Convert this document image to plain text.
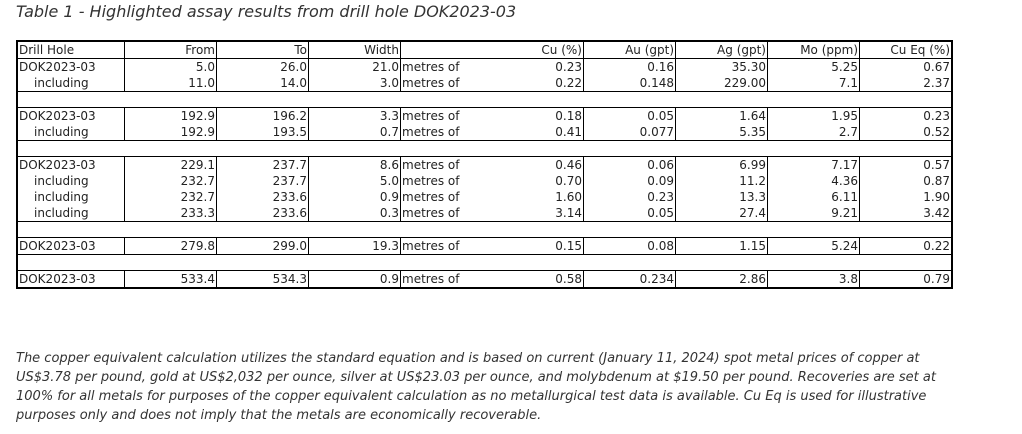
Table 1 - Highlighted assay results from drill hole DOK2023-03
Drill Hole	From	To	Width		Cu (%)	Au (gpt)	Ag (gpt)	Mo (ppm)	Cu Eq (%)
DOK2023-03	5.0	26.0	21.0	metres of	0.23	0.16	35.30	5.25	0.67
including	11.0	14.0	3.0	metres of	0.22	0.148	229.00	7.1	2.37

DOK2023-03	192.9	196.2	3.3	metres of	0.18	0.05	1.64	1.95	0.23
including	192.9	193.5	0.7	metres of	0.41	0.077	5.35	2.7	0.52

DOK2023-03	229.1	237.7	8.6	metres of	0.46	0.06	6.99	7.17	0.57
including	232.7	237.7	5.0	metres of	0.70	0.09	11.2	4.36	0.87
including	232.7	233.6	0.9	metres of	1.60	0.23	13.3	6.11	1.90
including	233.3	233.6	0.3	metres of	3.14	0.05	27.4	9.21	3.42

DOK2023-03	279.8	299.0	19.3	metres of	0.15	0.08	1.15	5.24	0.22

DOK2023-03	533.4	534.3	0.9	metres of	0.58	0.234	2.86	3.8	0.79
The copper equivalent calculation utilizes the standard equation and is based on current (January 11, 2024) spot metal prices of copper at US$3.78 per pound, gold at US$2,032 per ounce, silver at US$23.03 per ounce, and molybdenum at $19.50 per pound. Recoveries are set at 100% for all metals for purposes of the copper equivalent calculation as no metallurgical test data is available. Cu Eq is used for illustrative purposes only and does not imply that the metals are economically recoverable.
